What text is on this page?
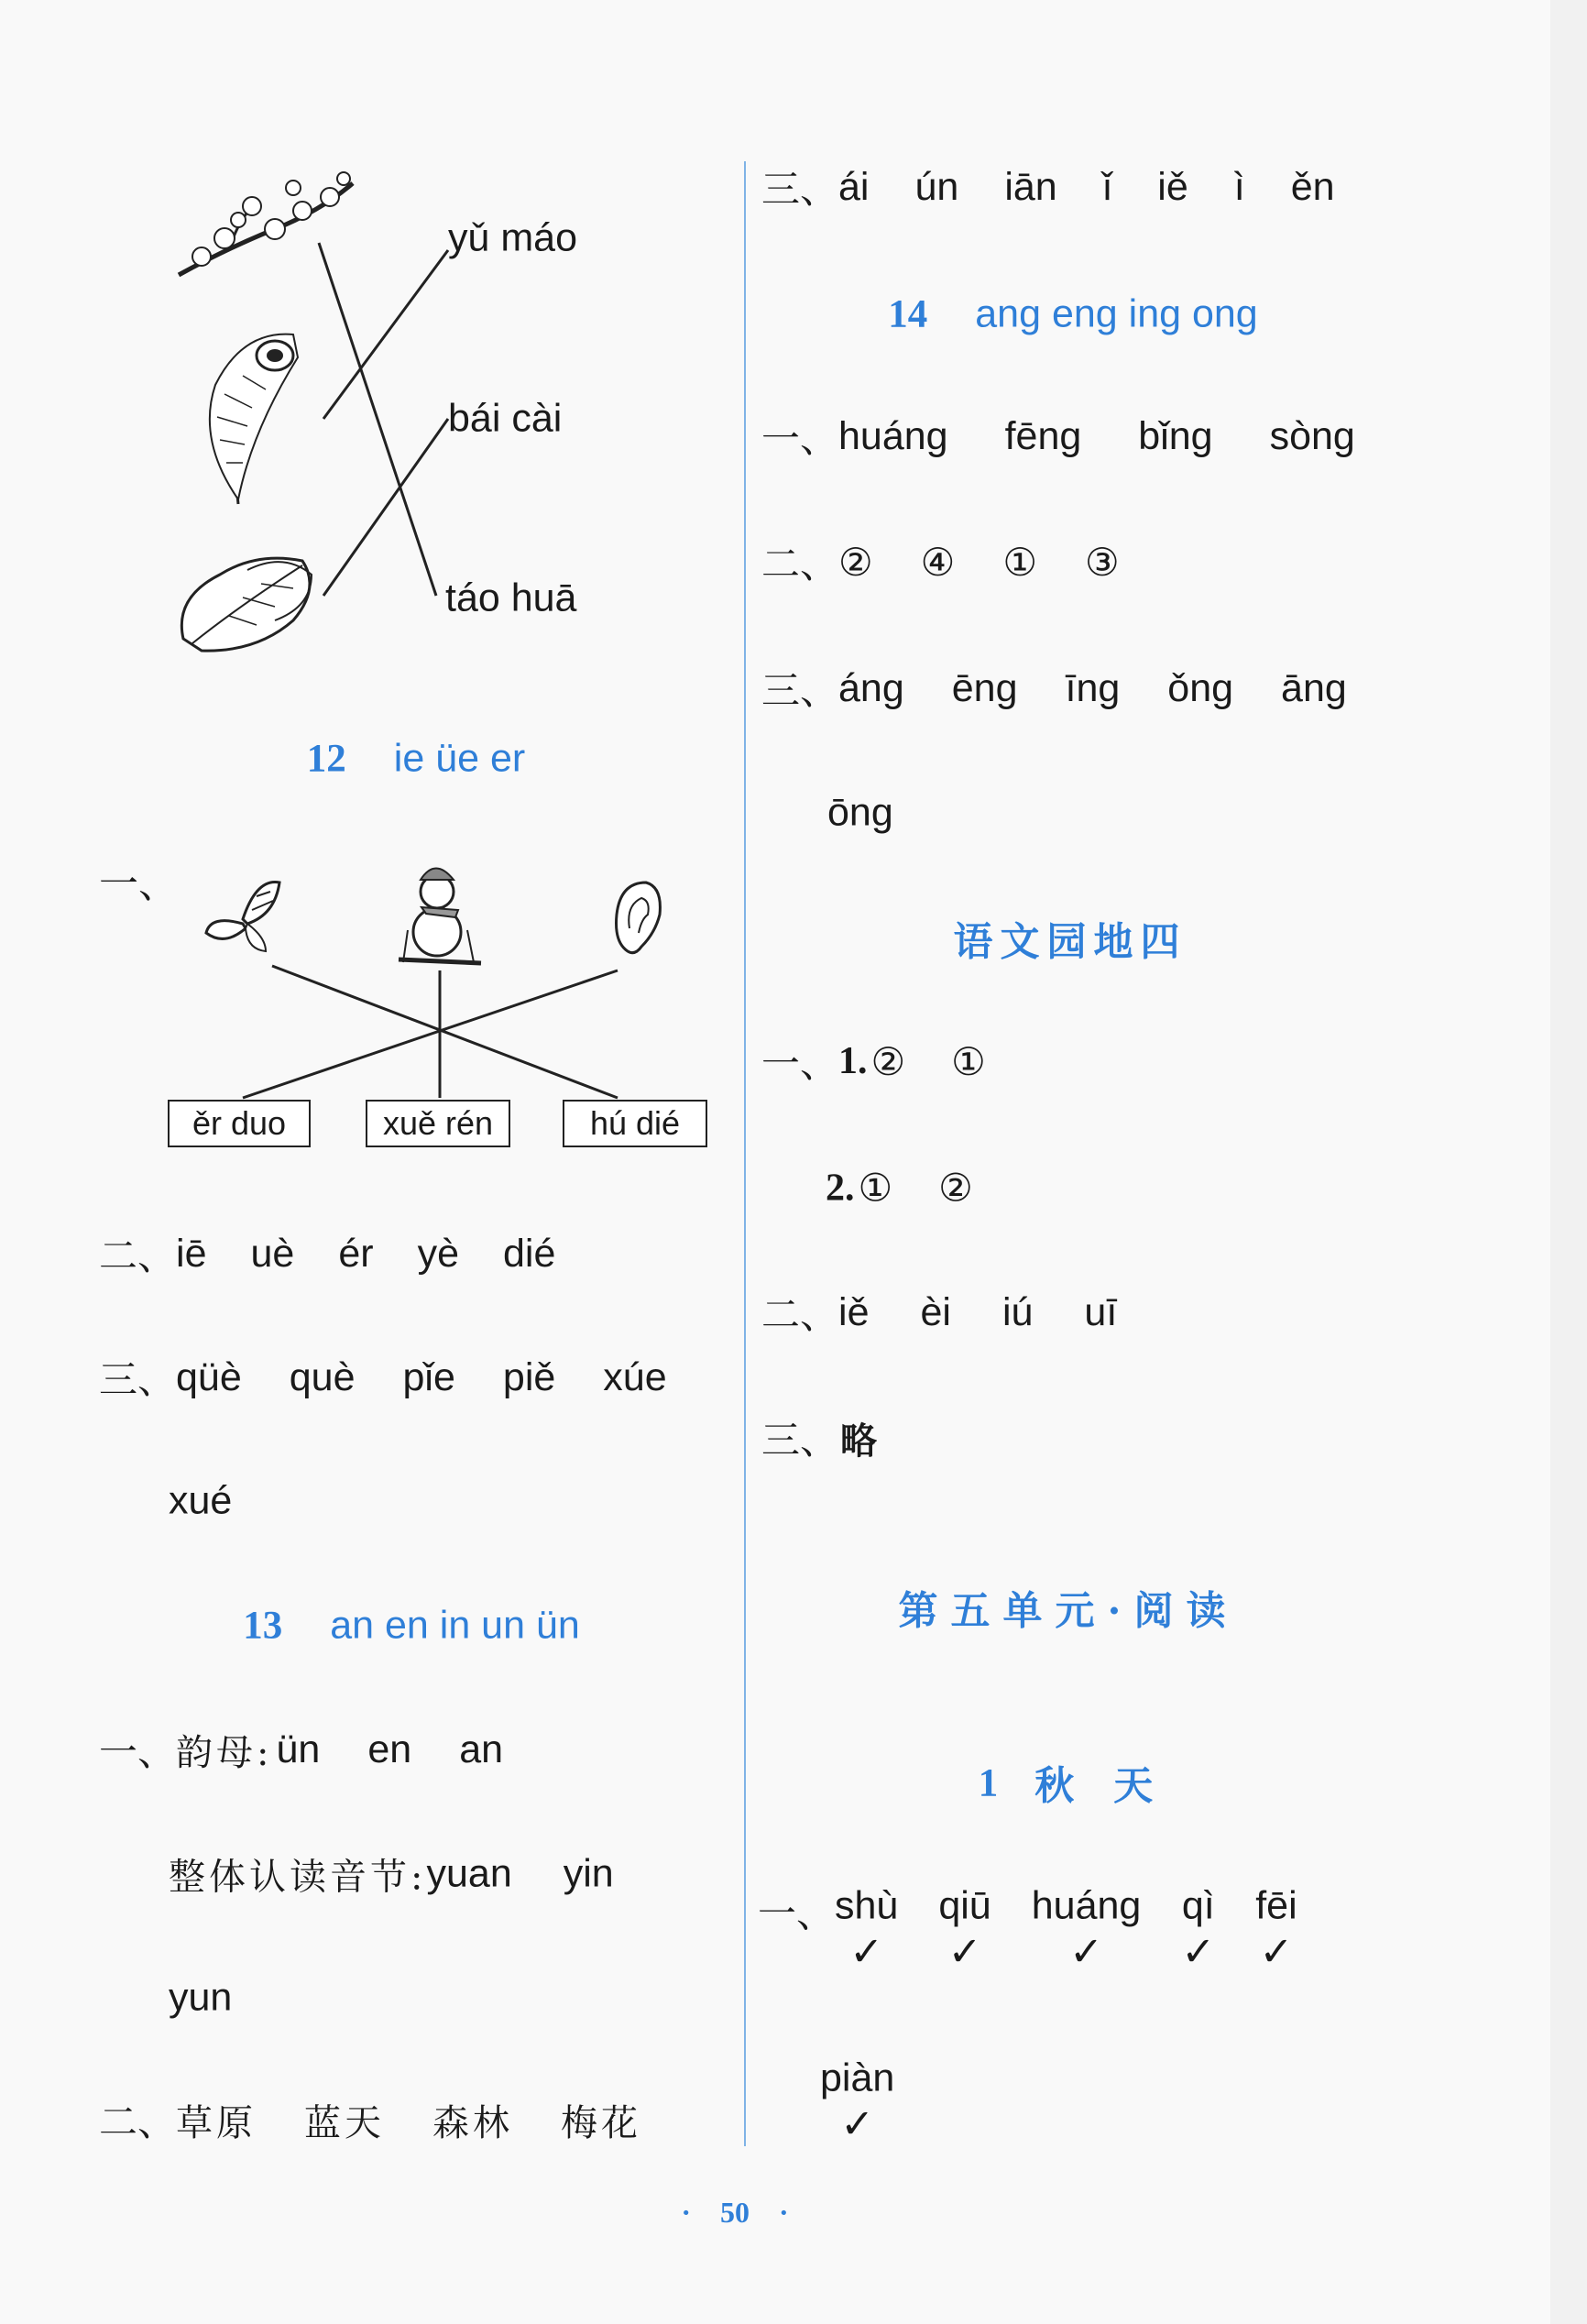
yǔ máo
bái cài
táo huā
12 ie üe er
一、
ěr duo	xuě rén	hú dié
二、 iē uè ér yè dié
三、 qüè què pǐe piě xúe
xué
13 an en in un ün
一、 韵母: ün en an
整体认读音节: yuan yin
yun
二、 草原 蓝天 森林 梅花
三、 ái ún iān ǐ iě ì ěn
14 ang eng ing ong
一、 huáng fēng bǐng sòng
二、 ② ④ ① ③
三、 áng ēng īng ǒng āng
ōng
语文园地四
一、 1. ② ①
2. ① ②
二、 iě èi iú uī
三、 略
第五单元·阅读
1 秋　天
一、 shù
✓
qiū
✓
huáng
✓
qì
✓
fēi
✓
piàn
✓
·　50　·
